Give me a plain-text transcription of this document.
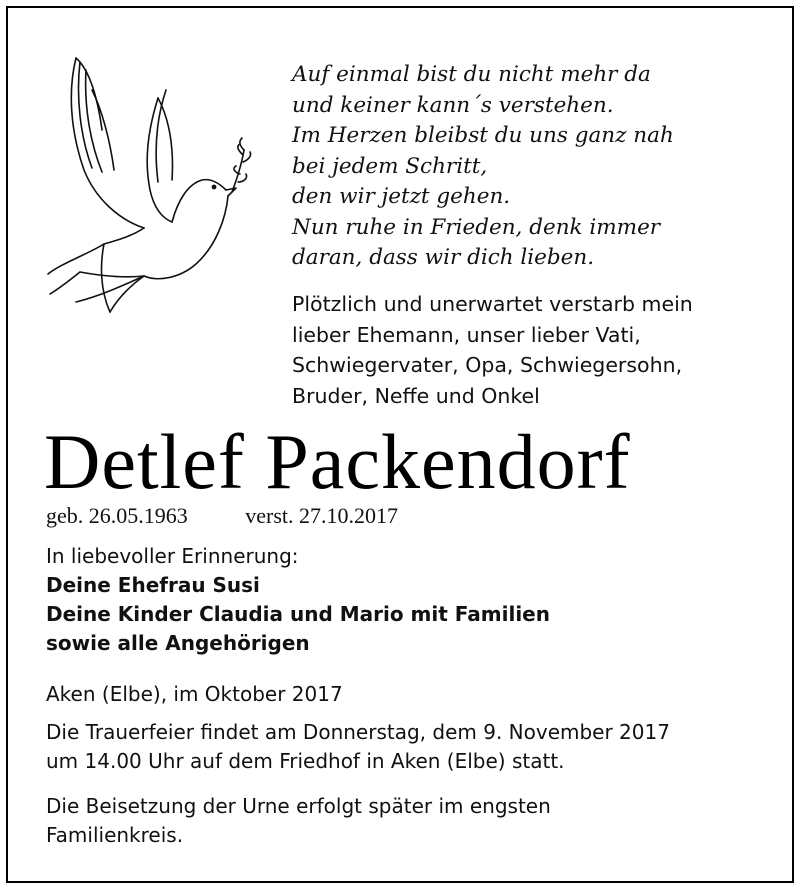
Auf einmal bist du nicht mehr da
und keiner kann´s verstehen.
Im Herzen bleibst du uns ganz nah
bei jedem Schritt,
den wir jetzt gehen.
Nun ruhe in Frieden, denk immer
daran, dass wir dich lieben.
Plötzlich und unerwartet verstarb mein
lieber Ehemann, unser lieber Vati,
Schwiegervater, Opa, Schwiegersohn,
Bruder, Neffe und Onkel
Detlef Packendorf
geb. 26.05.1963	verst. 27.10.2017
In liebevoller Erinnerung:
Deine Ehefrau Susi
Deine Kinder Claudia und Mario mit Familien
sowie alle Angehörigen
Aken (Elbe), im Oktober 2017
Die Trauerfeier findet am Donnerstag, dem 9. November 2017
um 14.00 Uhr auf dem Friedhof in Aken (Elbe) statt.
Die Beisetzung der Urne erfolgt später im engsten
Familienkreis.
